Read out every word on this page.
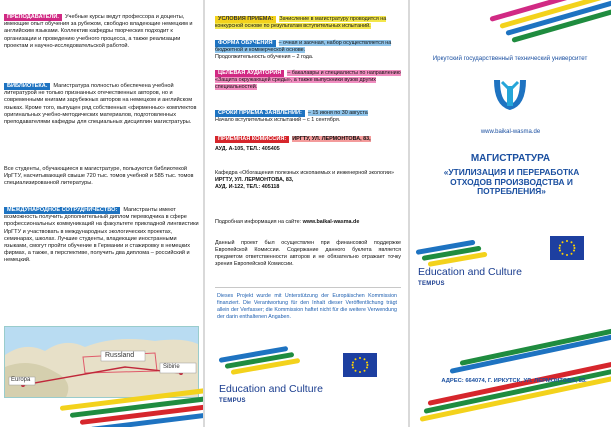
ПРЕПОДАВАТЕЛИ. Учебные курсы ведут профессора и доценты, имеющие опыт обучения за рубежом, свободно владеющие немецким и английским языками. Коллектив кафедры творческих подходит к организации и проведению учебного процесса, а также реализации проектам и научно-исследовательской работой.
БИБЛИОТЕКА. Магистратура полностью обеспечена учебной литературой не только признанных отечественных авторов, но и современными книгами зарубежных авторов на немецком и английском языках. Кроме того, выпущен ряд собственных «фирменных» комплектов оригинальных учебно-методических материалов, подготовленных преподавателями кафедры для специальных дисциплин магистратуры.
Все студенты, обучающиеся в магистратуре, пользуются библиотекой ИрГТУ, насчитывающей свыше 720 тыс. томов учебной и 585 тыс. томов специализированной литературы.
МЕЖДУНАРОДНОЕ СОТРУДНИЧЕСТВО: Магистранты имеют возможность получить дополнительный диплом переводчика в сфере профессиональных коммуникаций на факультете прикладной лингвистики ИрГТУ и участвовать в международных экологических проектах, семинарах, школах. Лучшие студенты, владеющие иностранными языками, смогут пройти обучение в Германии и стажировку в немецких фирмах, а также, в перспективе, получить два диплома – российский и немецкий.
Russland
Europa
Sibirie
УСЛОВИЯ ПРИЕМА: Зачисление в магистратуру проводится на конкурсной основе по результатам вступительных испытаний.
ФОРМА ОБУЧЕНИЯ – очная и заочная, набор осуществляется на бюджетной и коммерческой основе.

Продолжительность обучения – 2 года.

ЦЕЛЕВАЯ АУДИТОРИЯ – бакалавры и специалисты по направлению «Защита окружающей среды», а также выпускники вузов других специальностей.
СРОКИ ПРИЕМА ЗАЯВЛЕНИЙ: – 15 июня по 30 августа

Начало вступительных испытаний – с 1 сентября.

ПРИЕМНАЯ КОМИССИЯ: ИРГТУ, УЛ. ЛЕРМОНТОВА, 83,

АУД. А-105, ТЕЛ.: 405405

Кафедра «Обогащения полезных ископаемых и инженерной экологии»

ИРГТУ, УЛ. ЛЕРМОНТОВА, 83,

АУД. И-122, ТЕЛ.: 405118

Подробная информация на сайте: www.baikal-wasma.de
Данный проект был осуществлен при финансовой поддержке Европейской Комиссии. Содержание данного буклета является предметом ответственности авторов и не обязательно отражает точку зрения Европейской Комиссии.
Dieses Projekt wurde mit Unterstützung der Europäischen Kommission finanziert. Die Verantwortung für den Inhalt dieser Veröffentlichung trägt allein der Verfasser; die Kommission haftet nicht für die weitere Verwendung der darin enthaltenen Angaben.
Education and Culture
TEMPUS
Иркутский государственный технический университет
www.baikal-wasma.de
МАГИСТРАТУРА
«УТИЛИЗАЦИЯ И ПЕРЕРАБОТКА ОТХОДОВ ПРОИЗВОДСТВА И ПОТРЕБЛЕНИЯ»
Education and Culture
TEMPUS
АДРЕС: 664074, Г. ИРКУТСК, УЛ. ЛЕРМОНТОВА, 83.
